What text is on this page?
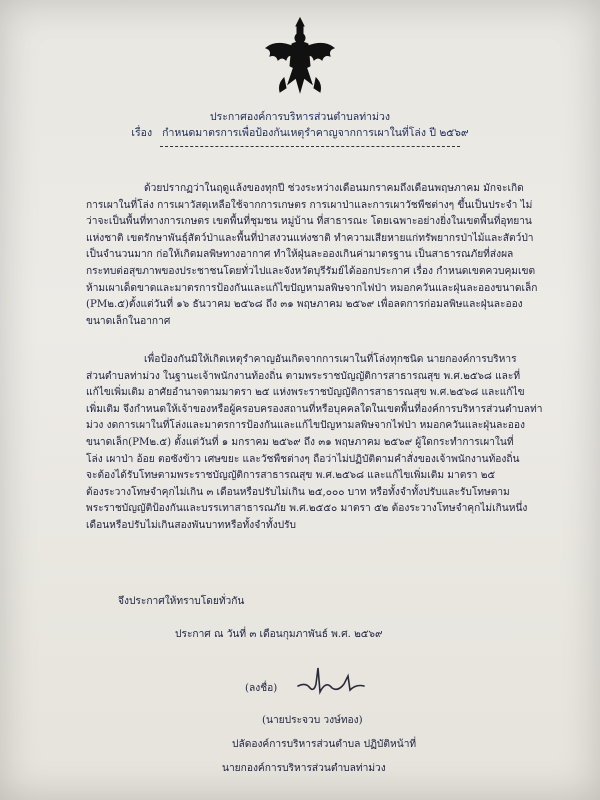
ประกาศองค์การบริหารส่วนตำบลท่าม่วง
เรื่อง กำหนดมาตรการเพื่อป้องกันเหตุรำคาญจากการเผาในที่โล่ง ปี ๒๕๖๙

ด้วยปรากฏว่าในฤดูแล้งของทุกปี ช่วงระหว่างเดือนมกราคมถึงเดือนพฤษภาคม มักจะเกิด
การเผาในที่โล่ง การเผาวัสดุเหลือใช้จากการเกษตร การเผาป่าและการเผาวัชพืชต่างๆ ขึ้นเป็นประจำ ไม่
ว่าจะเป็นพื้นที่ทางการเกษตร เขตพื้นที่ชุมชน หมู่บ้าน ที่สาธารณะ โดยเฉพาะอย่างยิ่งในเขตพื้นที่อุทยาน
แห่งชาติ เขตรักษาพันธุ์สัตว์ป่าและพื้นที่ป่าสงวนแห่งชาติ ทำความเสียหายแก่ทรัพยากรป่าไม้และสัตว์ป่า
เป็นจำนวนมาก ก่อให้เกิดมลพิษทางอากาศ ทำให้ฝุ่นละอองเกินค่ามาตรฐาน เป็นสาธารณภัยที่ส่งผล
กระทบต่อสุขภาพของประชาชนโดยทั่วไปและจังหวัดบุรีรัมย์ได้ออกประกาศ เรื่อง กำหนดเขตควบคุมเขต
ห้ามเผาเด็ดขาดและมาตรการป้องกันและแก้ไขปัญหามลพิษจากไฟป่า หมอกควันและฝุ่นละอองขนาดเล็ก
(PM๒.๕)ตั้งแต่วันที่ ๑๖ ธันวาคม ๒๕๖๘ ถึง ๓๑ พฤษภาคม ๒๕๖๙ เพื่อลดการก่อมลพิษและฝุ่นละออง
ขนาดเล็กในอากาศ

เพื่อป้องกันมิให้เกิดเหตุรำคาญอันเกิดจากการเผาในที่โล่งทุกชนิด นายกองค์การบริหาร
ส่วนตำบลท่าม่วง ในฐานะเจ้าพนักงานท้องถิ่น ตามพระราชบัญญัติการสาธารณสุข พ.ศ.๒๕๖๘ และที่
แก้ไขเพิ่มเติม อาศัยอำนาจตามมาตรา ๒๕ แห่งพระราชบัญญัติการสาธารณสุข พ.ศ.๒๕๖๘ และแก้ไข
เพิ่มเติม จึงกำหนดให้เจ้าของหรือผู้ครอบครองสถานที่หรือบุคคลใดในเขตพื้นที่องค์การบริหารส่วนตำบลท่า
ม่วง งดการเผาในที่โล่งและมาตรการป้องกันและแก้ไขปัญหามลพิษจากไฟป่า หมอกควันและฝุ่นละออง
ขนาดเล็ก(PM๒.๕) ตั้งแต่วันที่ ๑ มกราคม ๒๕๖๙ ถึง ๓๑ พฤษภาคม ๒๕๖๙ ผู้ใดกระทำการเผาในที่
โล่ง เผาป่า อ้อย ตอซังข้าว เศษขยะ และวัชพืชต่างๆ ถือว่าไม่ปฏิบัติตามคำสั่งของเจ้าพนักงานท้องถิ่น
จะต้องได้รับโทษตามพระราชบัญญัติการสาธารณสุข พ.ศ.๒๕๖๘ และแก้ไขเพิ่มเติม มาตรา ๒๕
ต้องระวางโทษจำคุกไม่เกิน ๓ เดือนหรือปรับไม่เกิน ๒๕,๐๐๐ บาท หรือทั้งจำทั้งปรับและรับโทษตาม
พระราชบัญญัติป้องกันและบรรเทาสาธารณภัย พ.ศ.๒๕๕๐ มาตรา ๕๒ ต้องระวางโทษจำคุกไม่เกินหนึ่ง
เดือนหรือปรับไม่เกินสองพันบาทหรือทั้งจำทั้งปรับ

จึงประกาศให้ทราบโดยทั่วกัน

ประกาศ ณ วันที่ ๓ เดือนกุมภาพันธ์ พ.ศ. ๒๕๖๙
(ลงชื่อ)
(นายประจวบ วงษ์ทอง)
ปลัดองค์การบริหารส่วนตำบล ปฏิบัติหน้าที่
นายกองค์การบริหารส่วนตำบลท่าม่วง
